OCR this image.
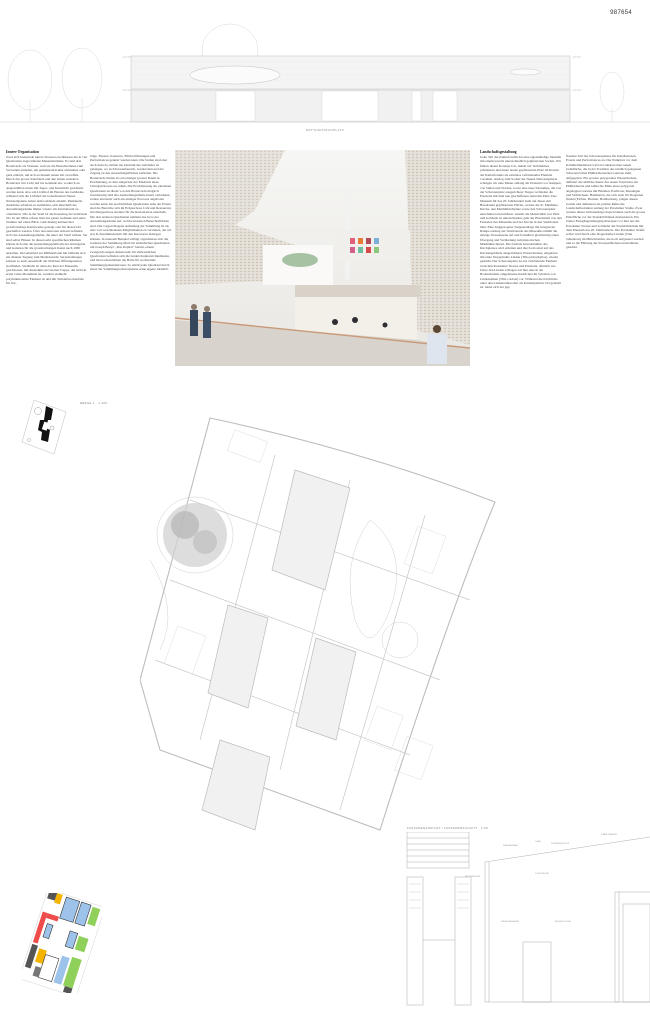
987654
+XX.XX
+XX.XX
+XX.XX
+XX.XX
MATTHÄIKIRCHPLATZ
Innere Organisation

Zwei sich kreuzende innere Strassen erschliessen die in vier Quadranten angeordneten Museumsräume. Es sind drei Boulevards als Strassen, weil sie die Besucherinnen zum Verweilen einladen, um gemeinsam Kunst anzusehen oder ganz einfach, um sich an diesem neuen Ort zu treffen. Durch das grosse Satteldach und den hohen zentralen Boulevard tritt Licht tief ins Gebäude ein, wodurch an ausgewählten Orten mit Tages- und Kunstlicht gearbeitet werden kann. Also ein Lichthof im Herzen des Gebäudes, während sich die Lichthof der benachbarten Neuen Nationalgalerie neben dem Gebäude abstellt. Punktuelle Ausblicke erlauben es zumindest, sich innerhalb der Ausstellungsräume immer wieder am Zentralraum zu orientieren. Wie in der Stadt ist die Kreuzung der belebteste Ort. In der Mitte erfasst man das ganze Gebäude und seine Struktur auf einen Blick. Gleichzeitig können hier grossformatige Kunstwerke gezeigt oder für diesen Ort geschaffen werden. Über den zentralen Achsen befinden sich vier Ausstellungsräume, die unter der Stadt wirken. Sie sind selbst Häuser. In diesen sehr spezifischen Räumen könnte sich eine die Ausstellungsplattform der Avantgarde und Galerien für die grossformatigen Kunst nach 1965 anstellen. Im Gebelfeld zur Philharmonie hin befindet sich ein direkter Zugang zum Mediensturm. Veranstaltungen können so auch ausserhalb der üblichen Öffnungszeiten stattfinden. Vielleicht ist dann der Rest der Museums geschlossen, mit Ausnahme der breiten Treppe, die nicht in erster Linie Monument ist, sondern vielmehr polyfunktionales Element ist und mit Sitzstufen ebenfalls für Vor-

träge, Theater, Konzerte, Filmvorführungen und Performances genutzt werden kann. Die Stufen sind eher auch dazu da, mitten ins Zentrum des Gebäudes zu gelangen, wo sich Kassenbereich, Garderoben und der Zugang zu den Ausstellungsflächen befinden. Die Boulevards mitten als ein einziger grosser Raum in Erscheinung, es dies steigernde der Eindruck eines Untergeschosses an, nahm. Die Erschliessung der einzelnen Quadranten ist direkt von den Boulevards möglich. Gleichzeitig sind alle Ausstellungsräume intern verbunden, sodass alternativ auch ein einziger Parcours angeboten werden kann. Im nordöstlichen Quadranten nahe der Piazza sind die Bereiche sich im Erdgeschoss Café und Restaurant, im Obergeschoss Ateliers für die Restauration unterhalb. Die drei anderen Quadranten nehmen das Gros der Ausstellungsräume auf, welche klassisch Besucherflächen sind. Die vorgeschlagene Aufteilung der Sammlung ist als eine von verschiedenen Möglichkeiten zu verstehen, die wir erst in Zusammenarbeit mit den Kuratoren festlegen können. In unserem Beispiel schlägt organisieren sich die Galerien der Sammlung Marx im südöstlichen Quadranten um Joseph Beuys' „Das Kapital“ herum, einem zweigeschossigen Ankerraum. Im südwestlichen Quadranten befinden sich die beiden Kupferstichkabinette, und im nordwestlichen die Halle für wechselnde Sammlungspräsentationen. So erhält jeder Quadrant durch einen der Sammlungsschwerpunkte seine eigene Identität.

Landschaftsgestaltung

Jeder Teil des Kulturforums hat eine eigenständige Identität mit einem jeweils unterschiedlich gepflasterten Sockel. Wir führen dieses Konzept fort, indem wir Verbindenes präzisieren und einen neuen gepflasterten Platz im Rosum der Kulturforums als zentrales verbindendes Element vorsehen. Analog zum Sockel der Neuen Nationalgalerie schlagen wir eine Mauer entlang der Piazzetta vor. Rampen von Süden und Norden, sowie eine neue Sitzrampe, die von der Scharounplatz ausgerichtete Treppe verbinden die Piazzetta mit dem neu geschaffenen zentralen Platz. Das Museum für das 20. Jahrhundert steht auf dieser mit Basaltstein gepflasterten Fläche, welche die St. Matthäus-Kirche, den Matthäikirchplatz sowie den Scharounplatz einschliesst und umfasst. Anstatt die Materialität von Platz und Gebäude zu unterscheiden, geht der Basaltstein von den Fassaden des Museums und der Kirche in den Stadtboden über. Eine langgezogene Treppenanlage mit integrierter Rampe entlang der Westfassade des Museums nimmt die einzige Strassenseite auf und formuliert gleichzeitig einen Übergang und Verbindung zum historischen Matthäikirchplatz. Die formale Grundstruktur des Kirchplatzes wird erhalten und durch ein axial auf das Kirchengebäude ausgerichtetes Wasserbecken, eingefasst mit einer Doppelreihe Linden (Tilia platyphyllos), wieder gestärkt. Der Scharounplatz ist das verbindende Element zwischen Potsdamer Strasse und Piazzetta. Ähnlich wie Unter den Linden schlagen wir hier eine in der Bodenstruktur eingelassene Kastlichen im Schatten von Lindenreihen (Tilia cordata) vor. Während die Kirchliche unter den Lindenreihen eher als kontemplativer Ort gedacht ist, bietet sich der gep

flasterte Teil des Scharounplatzes für Installationen, Events und Performances an. Der Parkplatz vor dem Kammermusiksaal wird zu Gunsten einer neuen Grünfläche, die in der Tradition des nördlich gelegenen Scharoun'schen Philharmonischen Gartens steht, aufgegeben. Ein grosses polygonales Wasserbecken, definiert die südliche Kante des neuen Vorplatzes der Philharmonie und bildet die Mitte eines polygonal angelegten Gartens mit Bäumen, Pavillons, Kiesungen und Sichtachsen. Baumarten, die sich auch im Tiergarten finden (Eichen, Buchen, Hainbuchen), prägen diesen Garten und definieren als präzise Reihe die Landschaftsstruktur entlang der Potsdamer Straße. Zwei weitere dieser Grünraumtypologie können auch die grosse Platzfläche vor der Staatsbibliothek strukturieren. Ein breiter Fussgängerübergang überquert vor hier aus die Potsdamer Strasse und verbindet die Staatsbibliothek mit dem Museum des 20. Jahrhunderts. Die Potsdamer Straße selbst wird durch eine Doppelreihe Linden (Tilia tomentosa) im Mittelstreifen, die hoch aufgeastet werden und so die Führung der Strassenfluchten unterstützen, gestärkt.

EBENE 1 · 1:200
FASSADENANSICHT / FASSADENSCHNITT · 1:50
DACHAUFBAU
GLAS
SONNENSCHUTZ
STAHLTRÄGER
ZIEGELFASSADE	AUSSTELLUNG
BETONDECKE
LICHTDECKE
